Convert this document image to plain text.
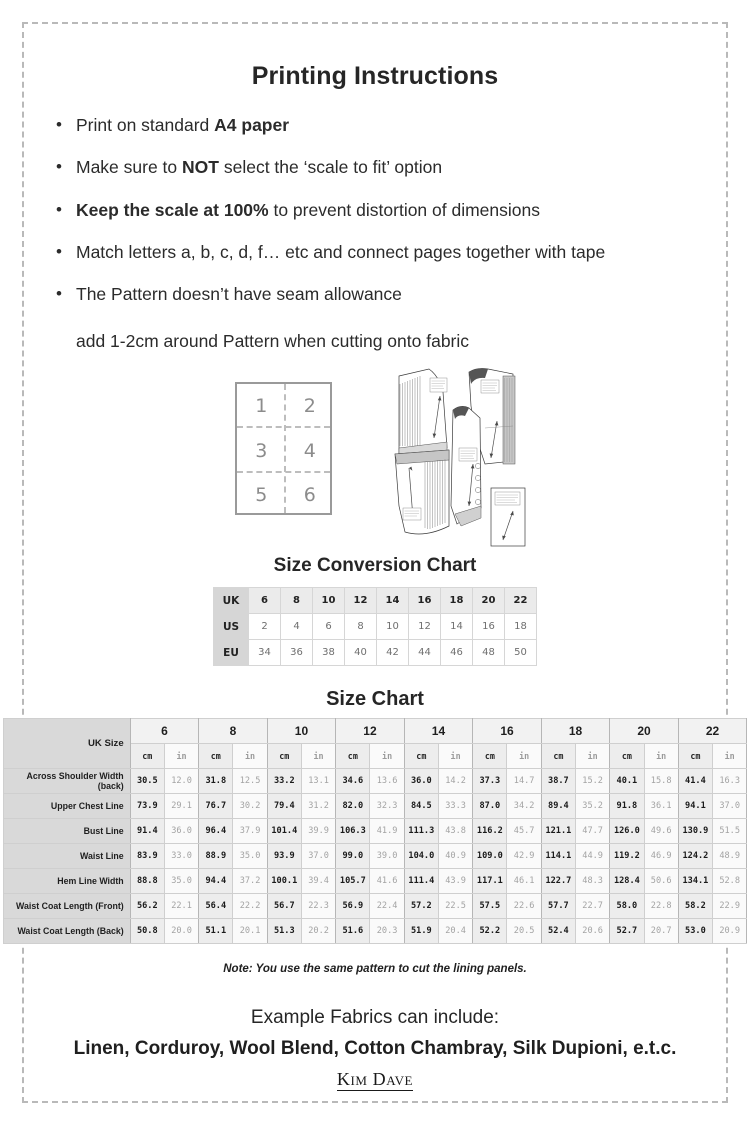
Printing Instructions
• Print on standard A4 paper
• Make sure to NOT select the ‘scale to fit’ option
• Keep the scale at 100% to prevent distortion of dimensions
• Match letters a, b, c, d, f… etc and connect pages together with tape
• The Pattern doesn’t have seam allowance
add 1-2cm around Pattern when cutting onto fabric
1	2
3	4
5	6
Size Conversion Chart
UK	6	8	10	12	14	16	18	20	22
US	2	4	6	8	10	12	14	16	18
EU	34	36	38	40	42	44	46	48	50
Size Chart
UK Size	6		8		10		12		14		16		18		20		22	
	cm	in	cm	in	cm	in	cm	in	cm	in	cm	in	cm	in	cm	in	cm	in
Across Shoulder Width (back)	30.5	12.0	31.8	12.5	33.2	13.1	34.6	13.6	36.0	14.2	37.3	14.7	38.7	15.2	40.1	15.8	41.4	16.3
Upper Chest Line	73.9	29.1	76.7	30.2	79.4	31.2	82.0	32.3	84.5	33.3	87.0	34.2	89.4	35.2	91.8	36.1	94.1	37.0
Bust Line	91.4	36.0	96.4	37.9	101.4	39.9	106.3	41.9	111.3	43.8	116.2	45.7	121.1	47.7	126.0	49.6	130.9	51.5
Waist Line	83.9	33.0	88.9	35.0	93.9	37.0	99.0	39.0	104.0	40.9	109.0	42.9	114.1	44.9	119.2	46.9	124.2	48.9
Hem Line Width	88.8	35.0	94.4	37.2	100.1	39.4	105.7	41.6	111.4	43.9	117.1	46.1	122.7	48.3	128.4	50.6	134.1	52.8
Waist Coat Length (Front)	56.2	22.1	56.4	22.2	56.7	22.3	56.9	22.4	57.2	22.5	57.5	22.6	57.7	22.7	58.0	22.8	58.2	22.9
Waist Coat Length (Back)	50.8	20.0	51.1	20.1	51.3	20.2	51.6	20.3	51.9	20.4	52.2	20.5	52.4	20.6	52.7	20.7	53.0	20.9
Note: You use the same pattern to cut the lining panels.
Example Fabrics can include:
Linen, Corduroy, Wool Blend, Cotton Chambray, Silk Dupioni, e.t.c.
Kim Dave
